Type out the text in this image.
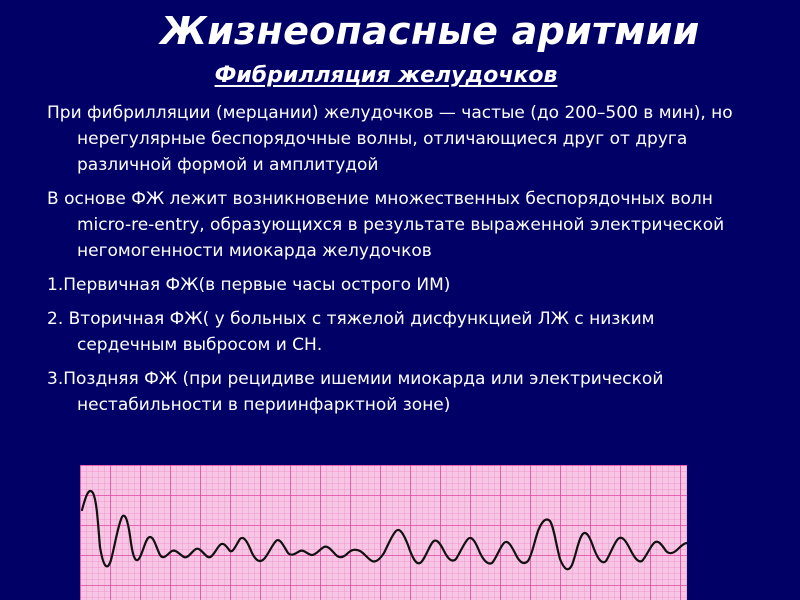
Жизнеопасные аритмии
Фибрилляция желудочков

При фибрилляции (мерцании) желудочков — частые (до 200–500 в мин), но нерегулярные беспорядочные волны, отличающиеся друг от друга различной формой и амплитудой

В основе ФЖ лежит возникновение множественных беспорядочных волн micro-re-entry, образующихся в результате выраженной электрической негомогенности миокарда желудочков

1.Первичная ФЖ(в первые часы острого ИМ)

2. Вторичная ФЖ( у больных с тяжелой дисфункцией ЛЖ с низким сердечным выбросом и СН.

3.Поздняя ФЖ (при рецидиве ишемии миокарда или электрической нестабильности в периинфарктной зоне)
